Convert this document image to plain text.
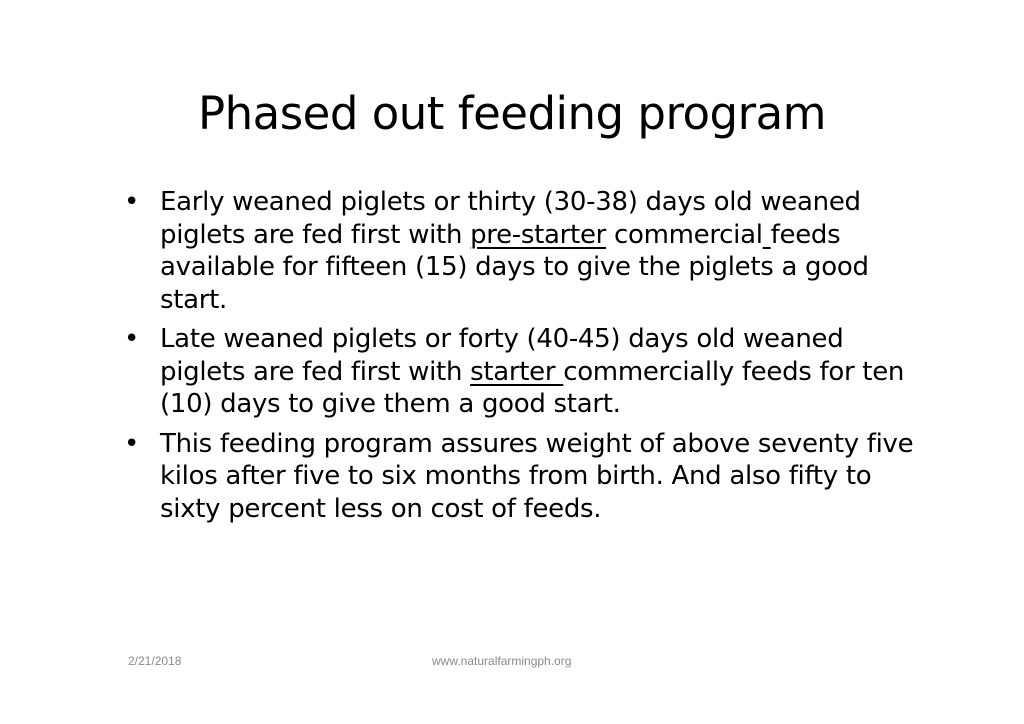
Phased out feeding program
• Early weaned piglets or thirty (30-38) days old weaned piglets are fed first with pre-starter commercial feeds available for fifteen (15) days to give the piglets a good start.
• Late weaned piglets or forty (40-45) days old weaned piglets are fed first with starter commercially feeds for ten (10) days to give them a good start.
• This feeding program assures weight of above seventy five kilos after five to six months from birth. And also fifty to sixty percent less on cost of feeds.
2/21/2018	www.naturalfarmingph.org
